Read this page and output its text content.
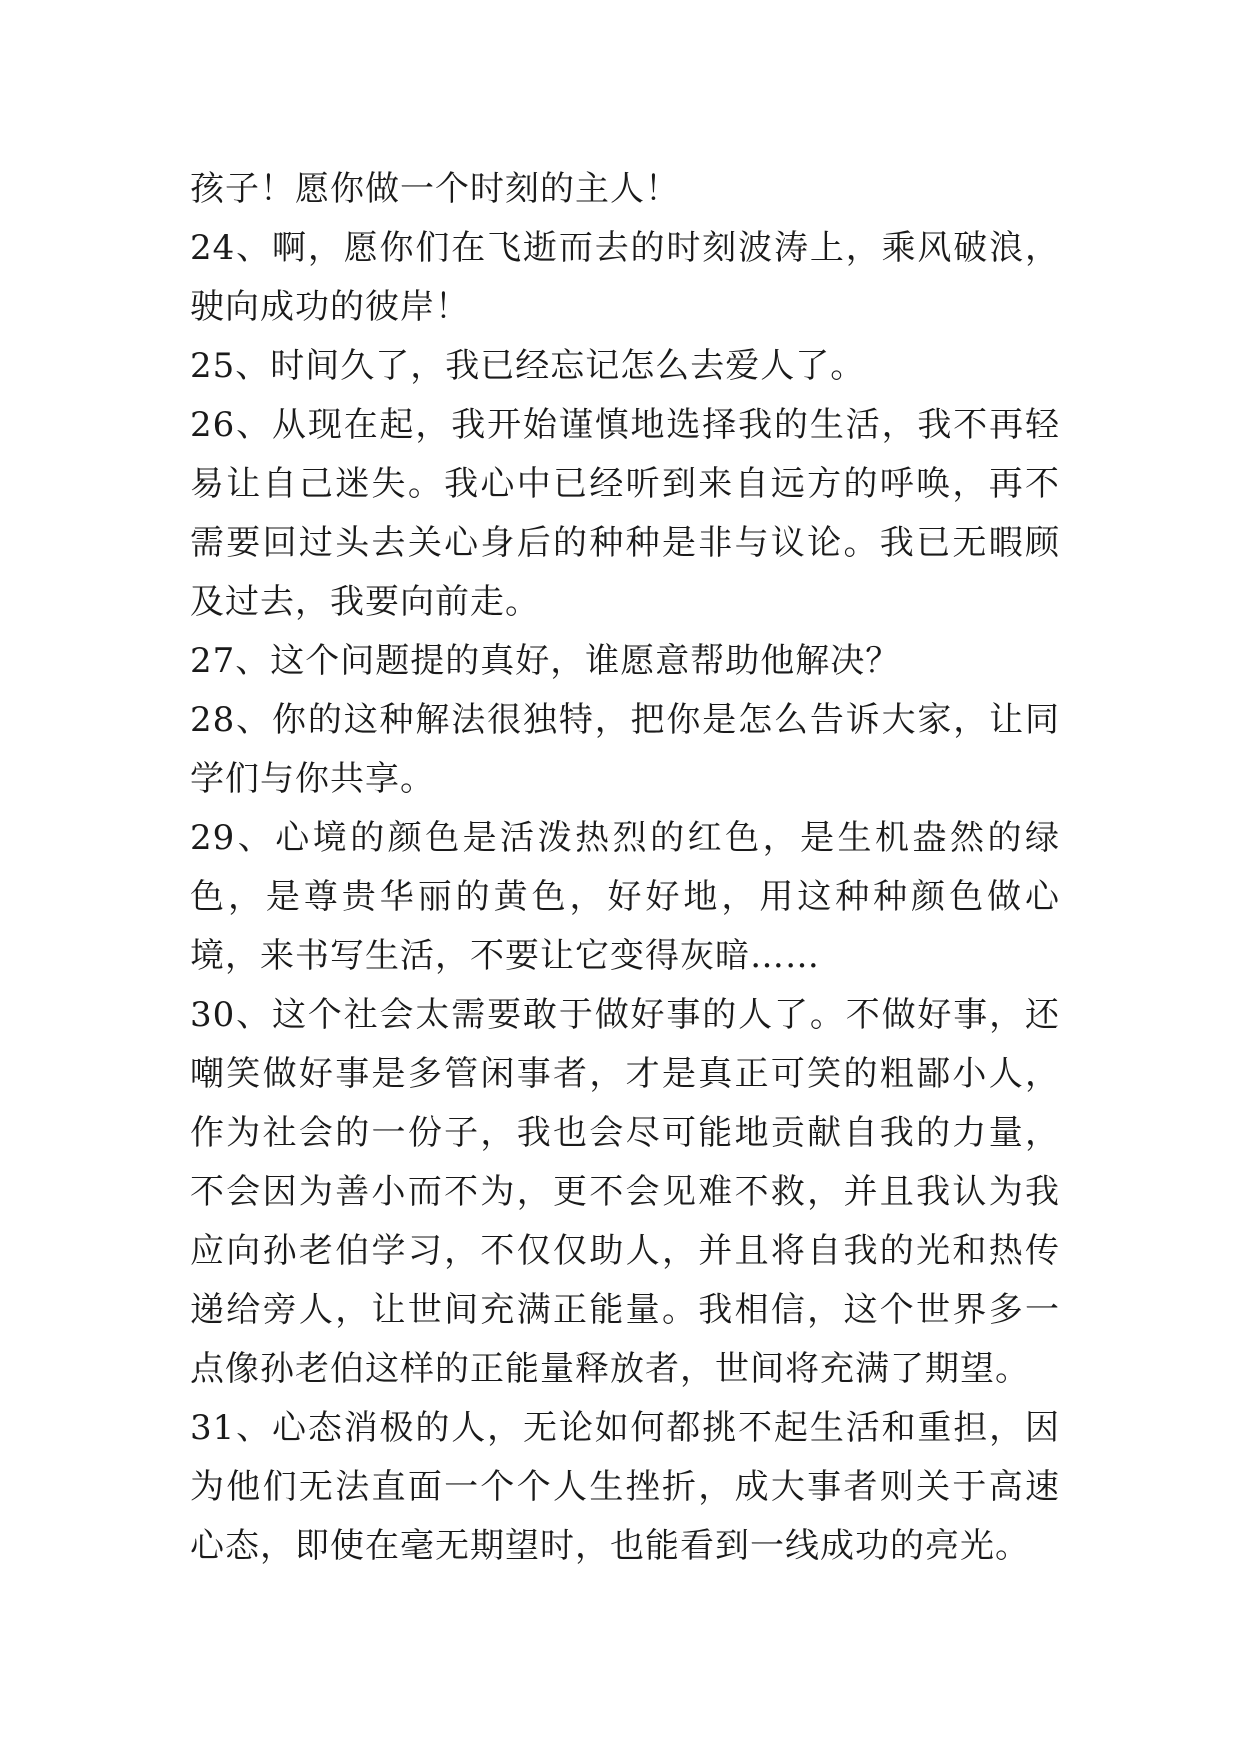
孩子！愿你做一个时刻的主人！

24、啊，愿你们在飞逝而去的时刻波涛上，乘风破浪，驶向成功的彼岸！

25、时间久了，我已经忘记怎么去爱人了。

26、从现在起，我开始谨慎地选择我的生活，我不再轻易让自己迷失。我心中已经听到来自远方的呼唤，再不需要回过头去关心身后的种种是非与议论。我已无暇顾及过去，我要向前走。

27、这个问题提的真好，谁愿意帮助他解决？

28、你的这种解法很独特，把你是怎么告诉大家，让同学们与你共享。

29、心境的颜色是活泼热烈的红色，是生机盎然的绿色，是尊贵华丽的黄色，好好地，用这种种颜色做心境，来书写生活，不要让它变得灰暗……

30、这个社会太需要敢于做好事的人了。不做好事，还嘲笑做好事是多管闲事者，才是真正可笑的粗鄙小人，作为社会的一份子，我也会尽可能地贡献自我的力量，不会因为善小而不为，更不会见难不救，并且我认为我应向孙老伯学习，不仅仅助人，并且将自我的光和热传递给旁人，让世间充满正能量。我相信，这个世界多一点像孙老伯这样的正能量释放者，世间将充满了期望。

31、心态消极的人，无论如何都挑不起生活和重担，因为他们无法直面一个个人生挫折，成大事者则关于高速心态，即使在毫无期望时，也能看到一线成功的亮光。
